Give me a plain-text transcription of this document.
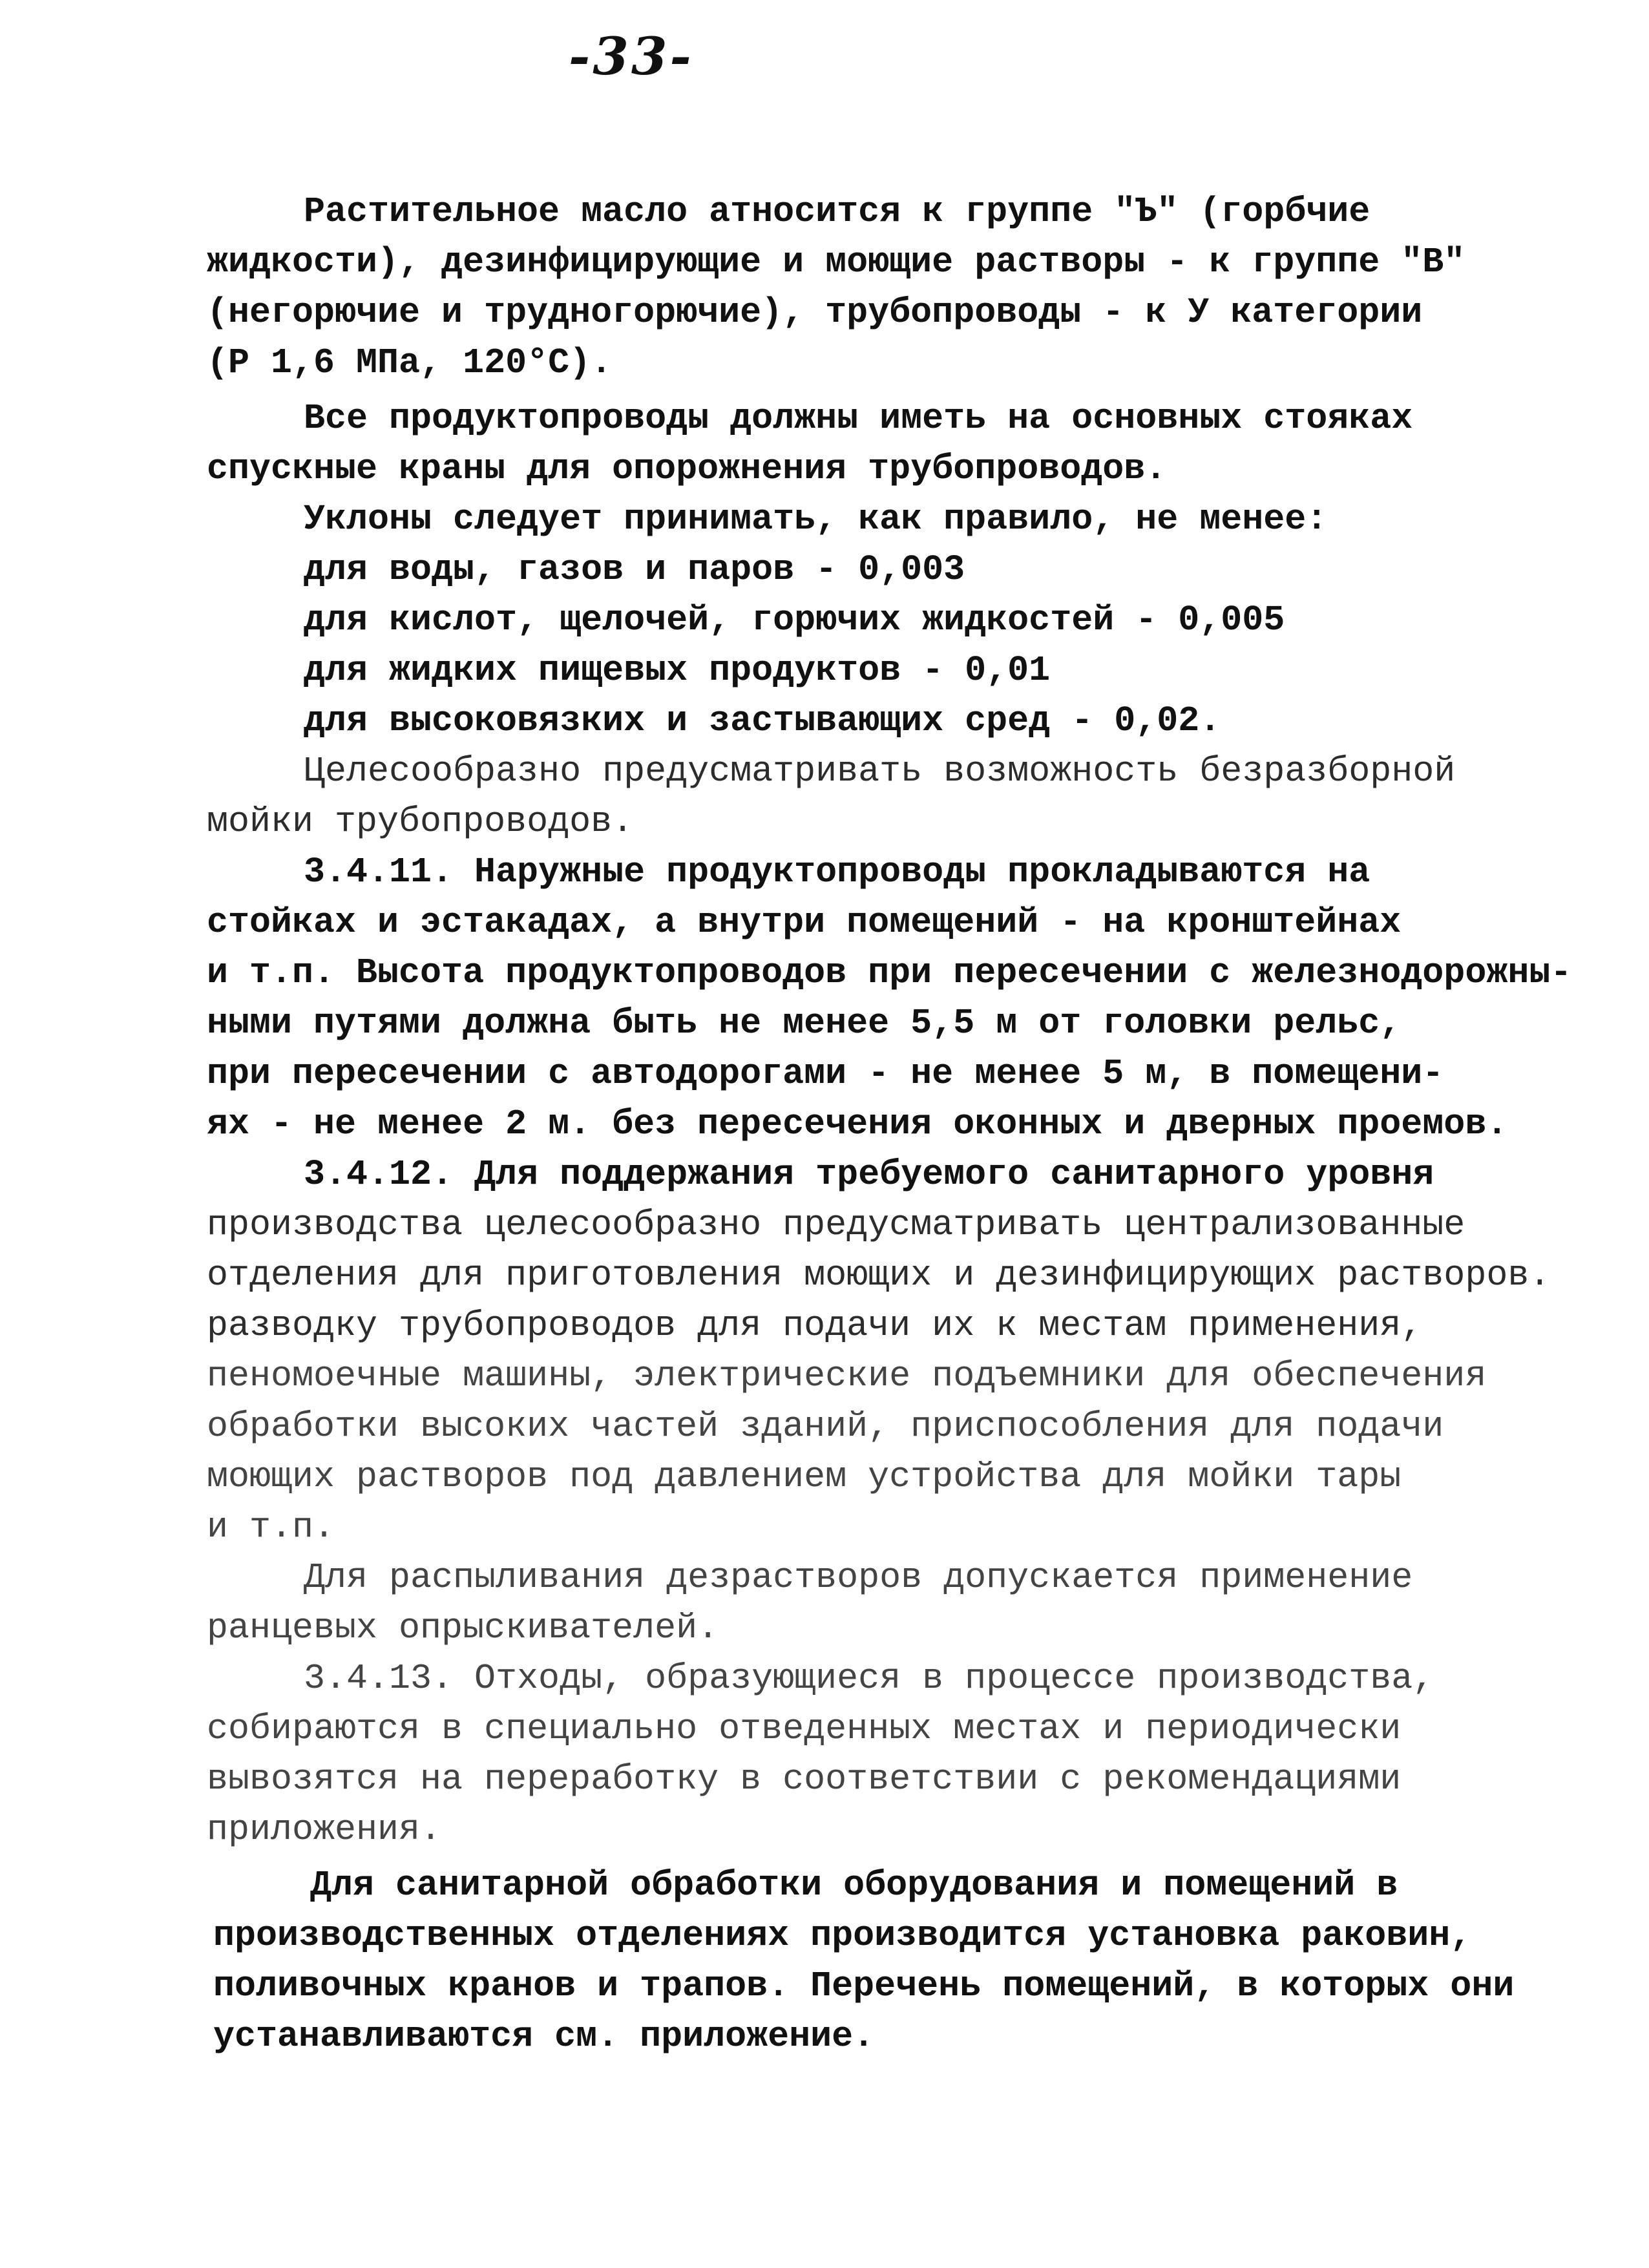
-33-
Растительное масло атносится к группе "Ъ" (горбчие
жидкости), дезинфицирующие и моющие растворы - к группе "В"
(негорючие и трудногорючие), трубопроводы - к У категории
(Р 1,6 МПа, 120°С).
Все продуктопроводы должны иметь на основных стояках
спускные краны для опорожнения трубопроводов.
Уклоны следует принимать, как правило, не менее:
для воды, газов и паров - 0,003
для кислот, щелочей, горючих жидкостей - 0,005
для жидких пищевых продуктов - 0,01
для высоковязких и застывающих сред - 0,02.
Целесообразно предусматривать возможность безразборной
мойки трубопроводов.
3.4.11. Наружные продуктопроводы прокладываются на
стойках и эстакадах, а внутри помещений - на кронштейнах
и т.п. Высота продуктопроводов при пересечении с железнодорожны-
ными путями должна быть не менее 5,5 м от головки рельс,
при пересечении с автодорогами - не менее 5 м, в помещени-
ях - не менее 2 м. без пересечения оконных и дверных проемов.
3.4.12. Для поддержания требуемого санитарного уровня
производства целесообразно предусматривать централизованные
отделения для приготовления моющих и дезинфицирующих растворов.
разводку трубопроводов для подачи их к местам применения,
пеномоечные машины, электрические подъемники для обеспечения
обработки высоких частей зданий, приспособления для подачи
моющих растворов под давлением устройства для мойки тары
и т.п.
Для распыливания дезрастворов допускается применение
ранцевых опрыскивателей.
3.4.13. Отходы, образующиеся в процессе производства,
собираются в специально отведенных местах и периодически
вывозятся на переработку в соответствии с рекомендациями
приложения.
Для санитарной обработки оборудования и помещений в
производственных отделениях производится установка раковин,
поливочных кранов и трапов. Перечень помещений, в которых они
устанавливаются см. приложение.
